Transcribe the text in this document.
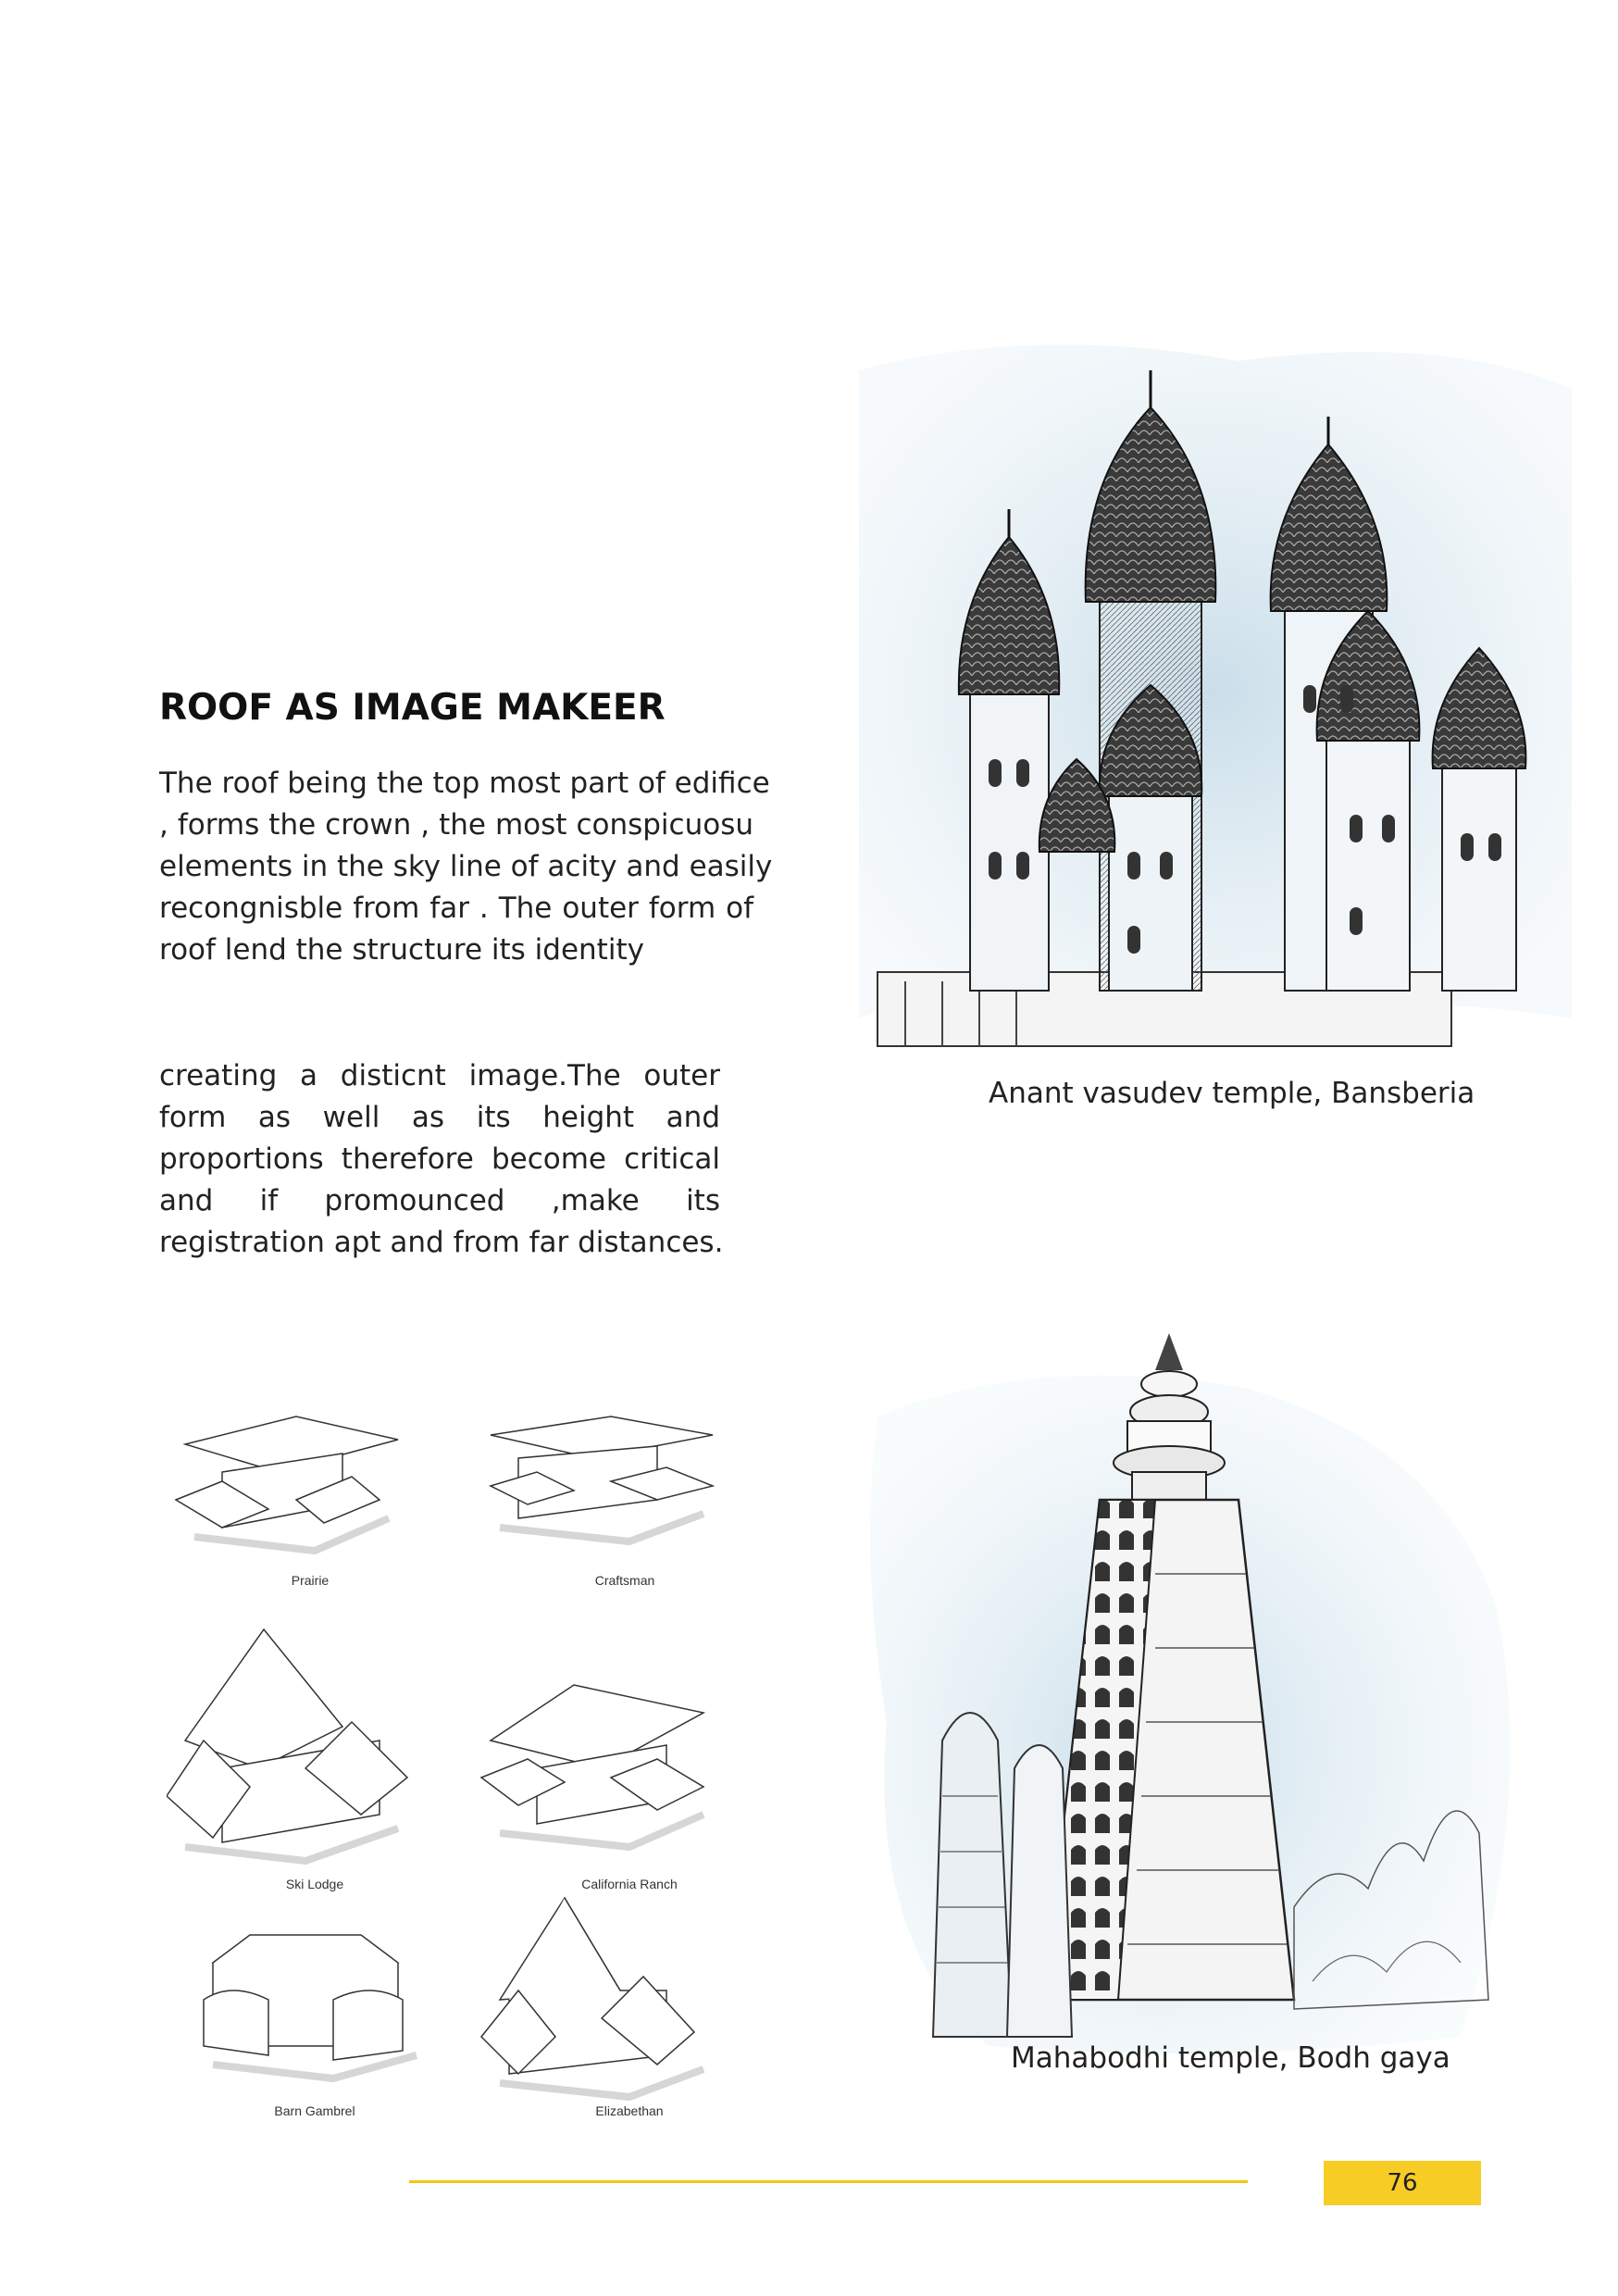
ROOF AS IMAGE MAKEER

The roof being the top most part of edifice
, forms the crown , the most conspicuosu
elements in the sky line of acity and easily
recongnisble from far . The outer form of
roof lend the structure its identity

creating a disticnt image.The outer
form as well as its height and
proportions therefore become critical
and if promounced ,make its
registration apt and from far distances.

Anant vasudev temple, Bansberia

Prairie	Craftsman
Ski Lodge	California Ranch
Barn Gambrel	Elizabethan

Mahabodhi temple, Bodh gaya

76
